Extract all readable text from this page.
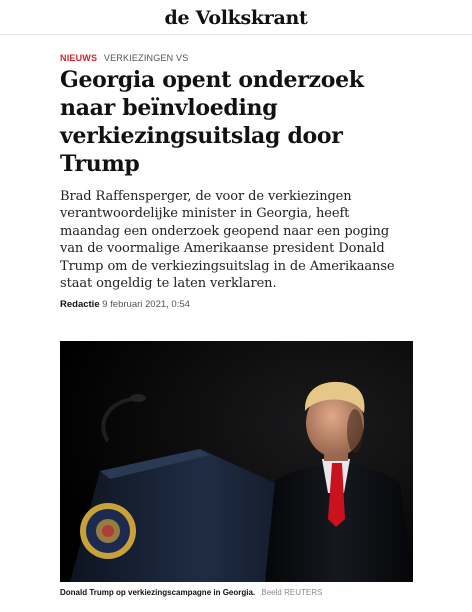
de Volkskrant
NIEUWS VERKIEZINGEN VS
Georgia opent onderzoek naar beïnvloeding verkiezingsuitslag door Trump

Brad Raffensperger, de voor de verkiezingen verantwoordelijke minister in Georgia, heeft maandag een onderzoek geopend naar een poging van de voormalige Amerikaanse president Donald Trump om de verkiezingsuitslag in de Amerikaanse staat ongeldig te laten verklaren.

Redactie 9 februari 2021, 0:54
Donald Trump op verkiezingscampagne in Georgia. Beeld REUTERS
